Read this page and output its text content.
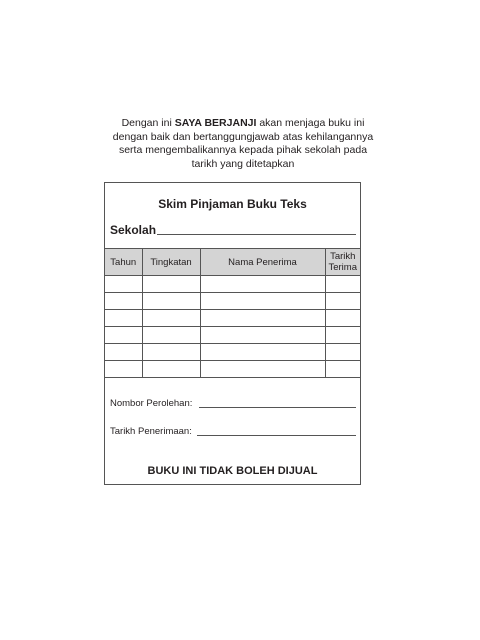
Dengan ini SAYA BERJANJI akan menjaga buku ini
dengan baik dan bertanggungjawab atas kehilangannya
serta mengembalikannya kepada pihak sekolah pada
tarikh yang ditetapkan
Skim Pinjaman Buku Teks
Sekolah
Tahun	Tingkatan	Nama Penerima	Tarikh
Terima

Nombor Perolehan:
Tarikh Penerimaan:
BUKU INI TIDAK BOLEH DIJUAL
